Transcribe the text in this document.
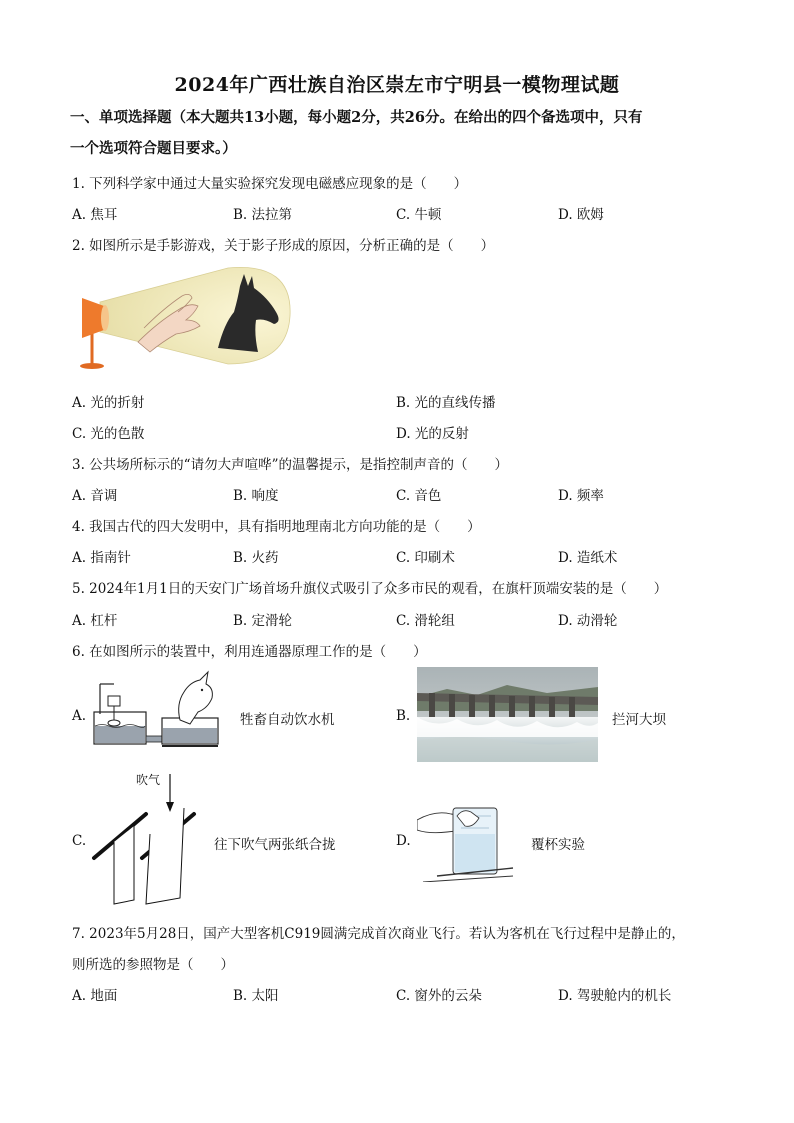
2024年广西壮族自治区崇左市宁明县一模物理试题
一、单项选择题（本大题共13小题，每小题2分，共26分。在给出的四个备选项中，只有
一个选项符合题目要求。）
1. 下列科学家中通过大量实验探究发现电磁感应现象的是（　　）
A. 焦耳	B. 法拉第	C. 牛顿	D. 欧姆
2. 如图所示是手影游戏，关于影子形成的原因，分析正确的是（　　）
A. 光的折射	B. 光的直线传播
C. 光的色散	D. 光的反射
3. 公共场所标示的“请勿大声喧哗”的温馨提示，是指控制声音的（　　）
A. 音调	B. 响度	C. 音色	D. 频率
4. 我国古代的四大发明中，具有指明地理南北方向功能的是（　　）
A. 指南针	B. 火药	C. 印刷术	D. 造纸术
5. 2024年1月1日的天安门广场首场升旗仪式吸引了众多市民的观看，在旗杆顶端安装的是（　　）
A. 杠杆	B. 定滑轮	C. 滑轮组	D. 动滑轮
6. 在如图所示的装置中，利用连通器原理工作的是（　　）
A.	牲畜自动饮水机	B.	拦河大坝
C.
吹气
往下吹气两张纸合拢	D.	覆杯实验
7. 2023年5月28日，国产大型客机C919圆满完成首次商业飞行。若认为客机在飞行过程中是静止的，
则所选的参照物是（　　）
A. 地面	B. 太阳	C. 窗外的云朵	D. 驾驶舱内的机长
